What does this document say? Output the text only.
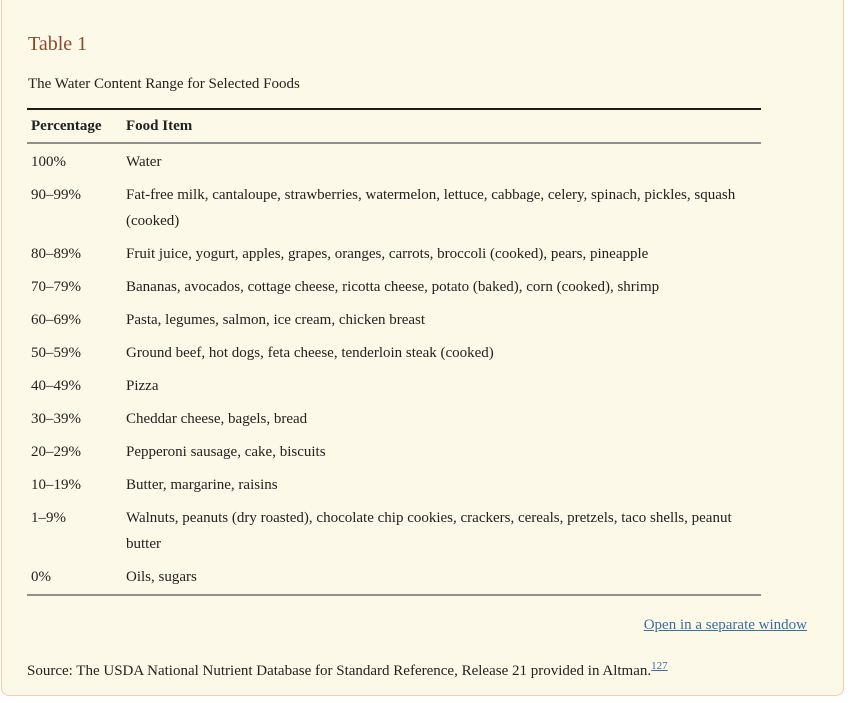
Table 1
The Water Content Range for Selected Foods
Percentage	Food Item
100%	Water
90–99%	Fat-free milk, cantaloupe, strawberries, watermelon, lettuce, cabbage, celery, spinach, pickles, squash (cooked)
80–89%	Fruit juice, yogurt, apples, grapes, oranges, carrots, broccoli (cooked), pears, pineapple
70–79%	Bananas, avocados, cottage cheese, ricotta cheese, potato (baked), corn (cooked), shrimp
60–69%	Pasta, legumes, salmon, ice cream, chicken breast
50–59%	Ground beef, hot dogs, feta cheese, tenderloin steak (cooked)
40–49%	Pizza
30–39%	Cheddar cheese, bagels, bread
20–29%	Pepperoni sausage, cake, biscuits
10–19%	Butter, margarine, raisins
1–9%	Walnuts, peanuts (dry roasted), chocolate chip cookies, crackers, cereals, pretzels, taco shells, peanut butter
0%	Oils, sugars
Open in a separate window
Source: The USDA National Nutrient Database for Standard Reference, Release 21 provided in Altman.$^{127}$
